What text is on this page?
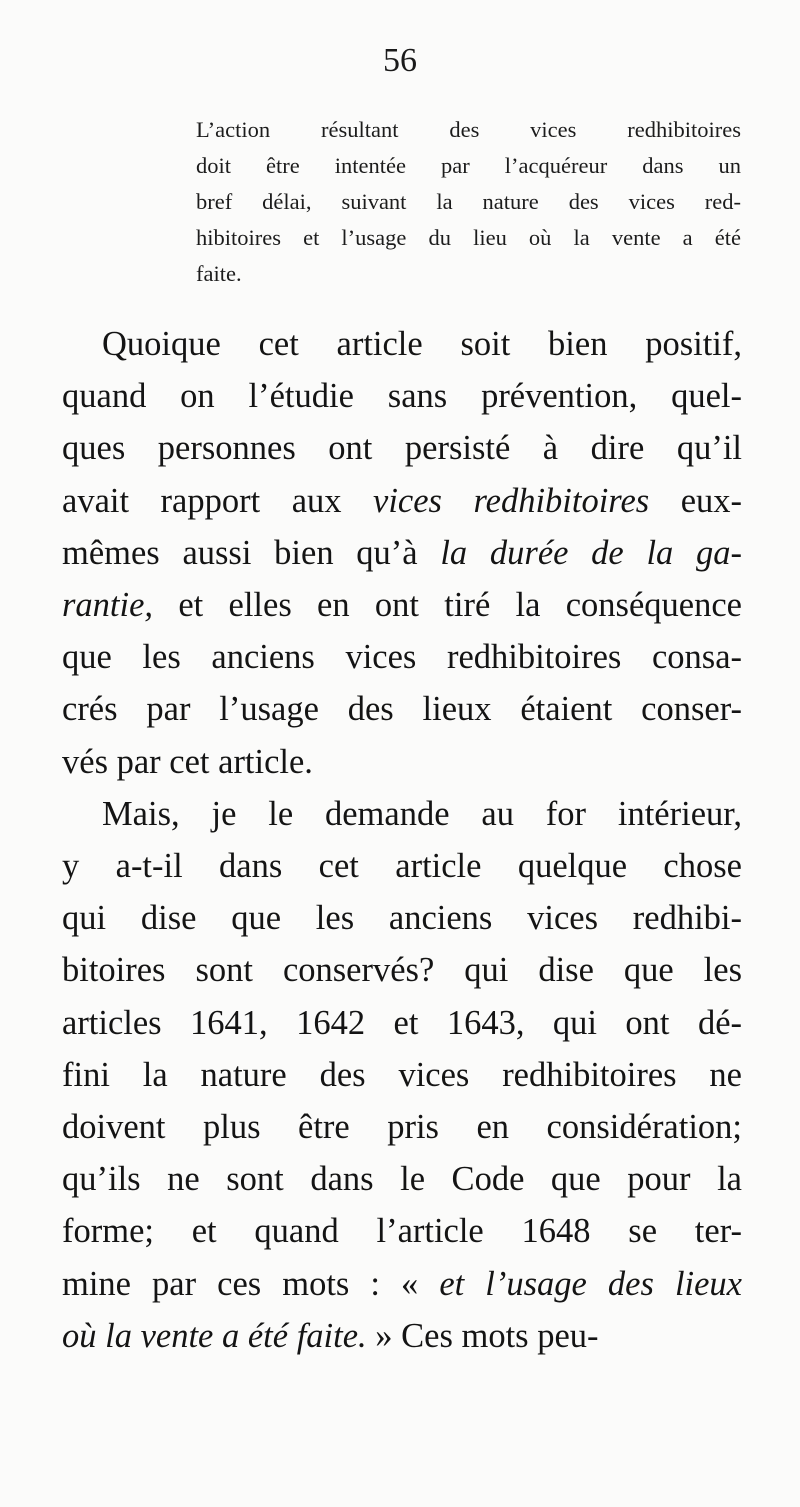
56
L’action résultant des vices redhibitoires
doit être intentée par l’acquéreur dans un
bref délai, suivant la nature des vices red-
hibitoires et l’usage du lieu où la vente a été
faite.
Quoique cet article soit bien positif,
quand on l’étudie sans prévention, quel-
ques personnes ont persisté à dire qu’il
avait rapport aux vices redhibitoires eux-
mêmes aussi bien qu’à la durée de la ga-
rantie, et elles en ont tiré la conséquence
que les anciens vices redhibitoires consa-
crés par l’usage des lieux étaient conser-
vés par cet article.
Mais, je le demande au for intérieur,
y a-t-il dans cet article quelque chose
qui dise que les anciens vices redhibi-
bitoires sont conservés? qui dise que les
articles 1641, 1642 et 1643, qui ont dé-
fini la nature des vices redhibitoires ne
doivent plus être pris en considération;
qu’ils ne sont dans le Code que pour la
forme; et quand l’article 1648 se ter-
mine par ces mots : « et l’usage des lieux
où la vente a été faite. » Ces mots peu-
